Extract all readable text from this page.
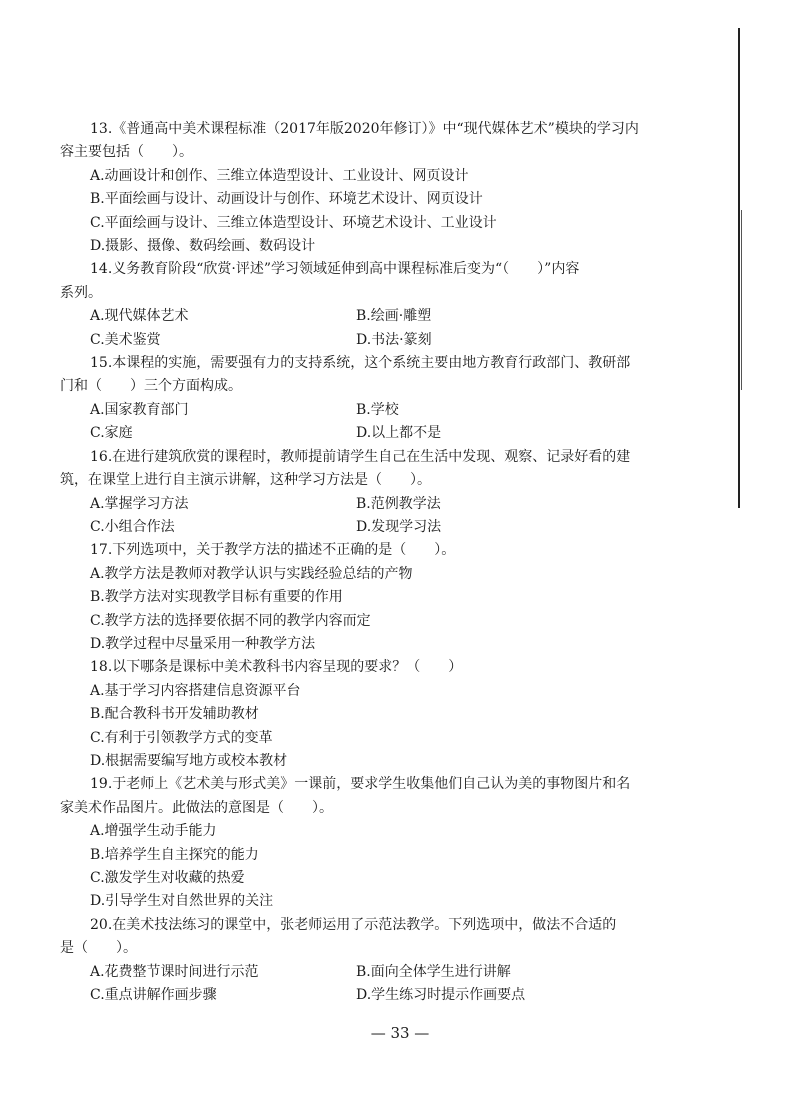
13.《普通高中美术课程标准（2017年版2020年修订）》中“现代媒体艺术”模块的学习内
容主要包括（　　）。
A.动画设计和创作、三维立体造型设计、工业设计、网页设计
B.平面绘画与设计、动画设计与创作、环境艺术设计、网页设计
C.平面绘画与设计、三维立体造型设计、环境艺术设计、工业设计
D.摄影、摄像、数码绘画、数码设计
14.义务教育阶段“欣赏·评述”学习领域延伸到高中课程标准后变为“（　　）”内容
系列。
A.现代媒体艺术	B.绘画·雕塑
C.美术鉴赏	D.书法·篆刻
15.本课程的实施，需要强有力的支持系统，这个系统主要由地方教育行政部门、教研部
门和（　　）三个方面构成。
A.国家教育部门	B.学校
C.家庭	D.以上都不是
16.在进行建筑欣赏的课程时，教师提前请学生自己在生活中发现、观察、记录好看的建
筑，在课堂上进行自主演示讲解，这种学习方法是（　　）。
A.掌握学习方法	B.范例教学法
C.小组合作法	D.发现学习法
17.下列选项中，关于教学方法的描述不正确的是（　　）。
A.教学方法是教师对教学认识与实践经验总结的产物
B.教学方法对实现教学目标有重要的作用
C.教学方法的选择要依据不同的教学内容而定
D.教学过程中尽量采用一种教学方法
18.以下哪条是课标中美术教科书内容呈现的要求？（　　）
A.基于学习内容搭建信息资源平台
B.配合教科书开发辅助教材
C.有利于引领教学方式的变革
D.根据需要编写地方或校本教材
19.于老师上《艺术美与形式美》一课前，要求学生收集他们自己认为美的事物图片和名
家美术作品图片。此做法的意图是（　　）。
A.增强学生动手能力
B.培养学生自主探究的能力
C.激发学生对收藏的热爱
D.引导学生对自然世界的关注
20.在美术技法练习的课堂中，张老师运用了示范法教学。下列选项中，做法不合适的
是（　　）。
A.花费整节课时间进行示范	B.面向全体学生进行讲解
C.重点讲解作画步骤	D.学生练习时提示作画要点
— 33 —
